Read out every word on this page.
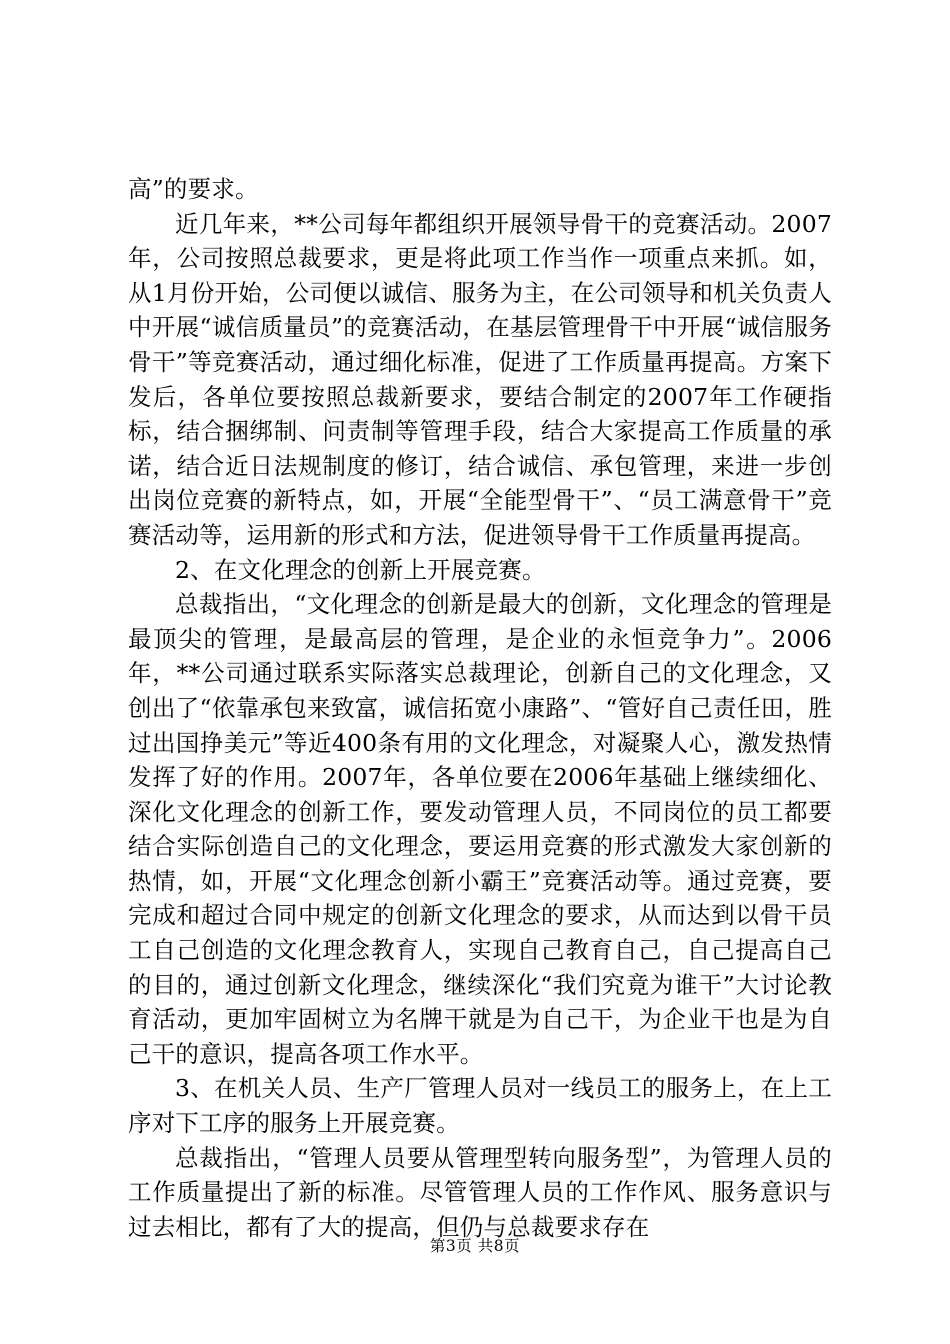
高”的要求。

近几年来，**公司每年都组织开展领导骨干的竞赛活动。2007年，公司按照总裁要求，更是将此项工作当作一项重点来抓。如，从1月份开始，公司便以诚信、服务为主，在公司领导和机关负责人中开展“诚信质量员”的竞赛活动，在基层管理骨干中开展“诚信服务骨干”等竞赛活动，通过细化标准，促进了工作质量再提高。方案下发后，各单位要按照总裁新要求，要结合制定的2007年工作硬指标，结合捆绑制、问责制等管理手段，结合大家提高工作质量的承诺，结合近日法规制度的修订，结合诚信、承包管理，来进一步创出岗位竞赛的新特点，如，开展“全能型骨干”、“员工满意骨干”竞赛活动等，运用新的形式和方法，促进领导骨干工作质量再提高。

2、在文化理念的创新上开展竞赛。

总裁指出，“文化理念的创新是最大的创新，文化理念的管理是最顶尖的管理，是最高层的管理，是企业的永恒竞争力”。2006年，**公司通过联系实际落实总裁理论，创新自己的文化理念，又创出了“依靠承包来致富，诚信拓宽小康路”、“管好自己责任田，胜过出国挣美元”等近400条有用的文化理念，对凝聚人心，激发热情发挥了好的作用。2007年，各单位要在2006年基础上继续细化、深化文化理念的创新工作，要发动管理人员，不同岗位的员工都要结合实际创造自己的文化理念，要运用竞赛的形式激发大家创新的热情，如，开展“文化理念创新小霸王”竞赛活动等。通过竞赛，要完成和超过合同中规定的创新文化理念的要求，从而达到以骨干员工自己创造的文化理念教育人，实现自己教育自己，自己提高自己的目的，通过创新文化理念，继续深化“我们究竟为谁干”大讨论教育活动，更加牢固树立为名牌干就是为自己干，为企业干也是为自己干的意识，提高各项工作水平。

3、在机关人员、生产厂管理人员对一线员工的服务上，在上工序对下工序的服务上开展竞赛。

总裁指出，“管理人员要从管理型转向服务型”，为管理人员的工作质量提出了新的标准。尽管管理人员的工作作风、服务意识与过去相比，都有了大的提高，但仍与总裁要求存在

第3页 共8页
